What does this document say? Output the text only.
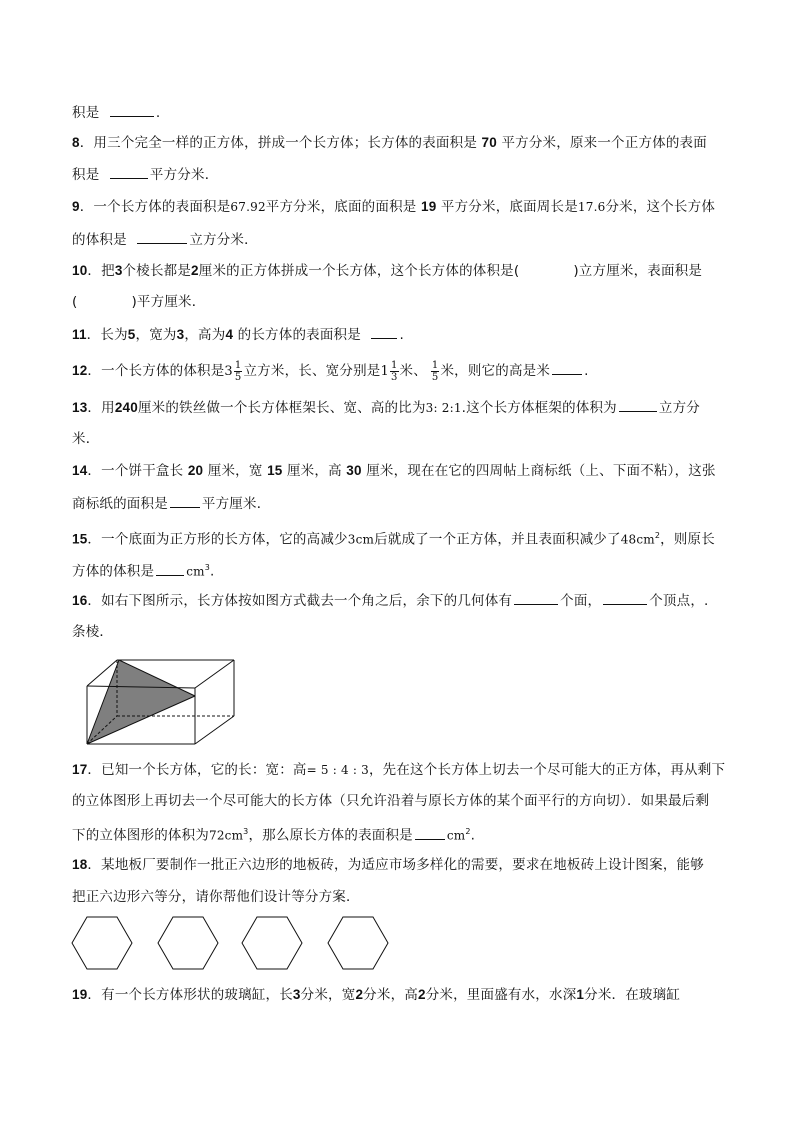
积是	.
8．用三个完全一样的正方体，拼成一个长方体；长方体的表面积是 70 平方分米，原来一个正方体的表面
积是	平方分米．
9．一个长方体的表面积是67.92平方分米，底面的面积是 19 平方分米，底面周长是17.6分米，这个长方体
的体积是	立方分米．
10．把3个棱长都是2厘米的正方体拼成一个长方体，这个长方体的体积是(	)立方厘米，表面积是
(	)平方厘米．
11．长为5，宽为3，高为4 的长方体的表面积是	.
12．一个长方体的体积是$3 \frac{1}{5}$ 立方米，长、宽分别是$1 \frac{1}{3}$ 米、 $\frac{1}{5}$ 米，则它的高是米	.
13．用240厘米的铁丝做一个长方体框架长、宽、高的比为3: 2:1.这个长方体框架的体积为	立方分
米．
14．一个饼干盒长 20 厘米，宽 15 厘米，高 30 厘米，现在在它的四周帖上商标纸（上、下面不粘），这张
商标纸的面积是	平方厘米．
15．一个底面为正方形的长方体，它的高减少3cm后就成了一个正方体，并且表面积减少了$48cm^2$，则原长
方体的体积是	$cm^3$.
16．如右下图所示，长方体按如图方式截去一个角之后，余下的几何体有	个面，	个顶点，.
条棱．
17．已知一个长方体，它的长：宽：高= 5 : 4 : 3，先在这个长方体上切去一个尽可能大的正方体，再从剩下
的立体图形上再切去一个尽可能大的长方体（只允许沿着与原长方体的某个面平行的方向切）．如果最后剩
下的立体图形的体积为$72cm^3$，那么原长方体的表面积是	$cm^2$.
18．某地板厂要制作一批正六边形的地板砖，为适应市场多样化的需要，要求在地板砖上设计图案，能够
把正六边形六等分，请你帮他们设计等分方案．
19．有一个长方体形状的玻璃缸，长3分米，宽2分米，高2分米，里面盛有水，水深1分米．在玻璃缸
